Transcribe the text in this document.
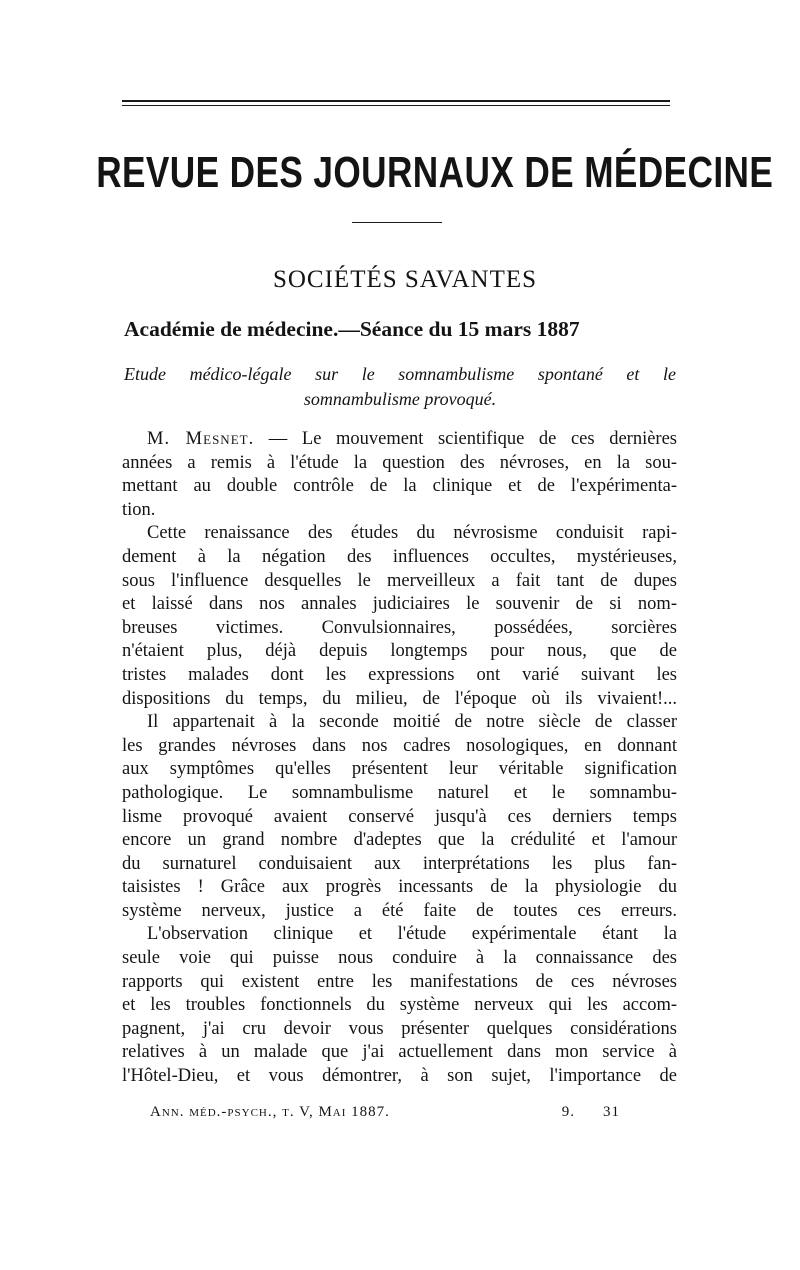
REVUE DES JOURNAUX DE MÉDECINE
SOCIÉTÉS SAVANTES
Académie de médecine.—Séance du 15 mars 1887
Etude médico-légale sur le somnambulisme spontané et le
somnambulisme provoqué.
M. Mesnet. — Le mouvement scientifique de ces dernières
années a remis à l'étude la question des névroses, en la sou-
mettant au double contrôle de la clinique et de l'expérimenta-
tion.
Cette renaissance des études du névrosisme conduisit rapi-
dement à la négation des influences occultes, mystérieuses,
sous l'influence desquelles le merveilleux a fait tant de dupes
et laissé dans nos annales judiciaires le souvenir de si nom-
breuses victimes. Convulsionnaires, possédées, sorcières
n'étaient plus, déjà depuis longtemps pour nous, que de
tristes malades dont les expressions ont varié suivant les
dispositions du temps, du milieu, de l'époque où ils vivaient!...
Il appartenait à la seconde moitié de notre siècle de classer
les grandes névroses dans nos cadres nosologiques, en donnant
aux symptômes qu'elles présentent leur véritable signification
pathologique. Le somnambulisme naturel et le somnambu-
lisme provoqué avaient conservé jusqu'à ces derniers temps
encore un grand nombre d'adeptes que la crédulité et l'amour
du surnaturel conduisaient aux interprétations les plus fan-
taisistes ! Grâce aux progrès incessants de la physiologie du
système nerveux, justice a été faite de toutes ces erreurs.
L'observation clinique et l'étude expérimentale étant la
seule voie qui puisse nous conduire à la connaissance des
rapports qui existent entre les manifestations de ces névroses
et les troubles fonctionnels du système nerveux qui les accom-
pagnent, j'ai cru devoir vous présenter quelques considérations
relatives à un malade que j'ai actuellement dans mon service à
l'Hôtel-Dieu, et vous démontrer, à son sujet, l'importance de
Ann. méd.-psych., t. V, Mai 1887.	9. 31
